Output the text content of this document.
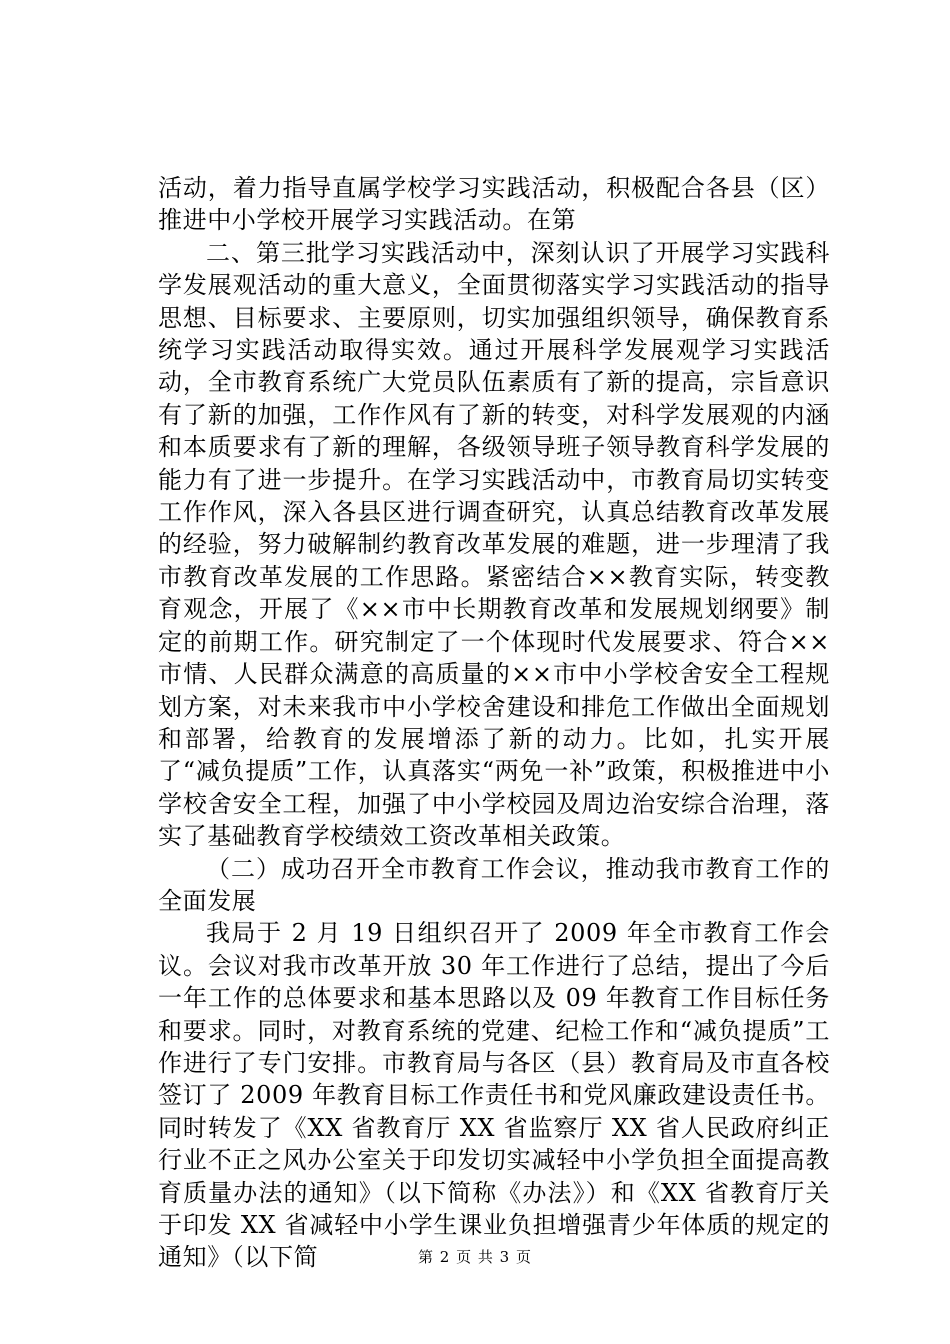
活动，着力指导直属学校学习实践活动，积极配合各县（区）推进中小学校开展学习实践活动。在第

二、第三批学习实践活动中，深刻认识了开展学习实践科学发展观活动的重大意义，全面贯彻落实学习实践活动的指导思想、目标要求、主要原则，切实加强组织领导，确保教育系统学习实践活动取得实效。通过开展科学发展观学习实践活动，全市教育系统广大党员队伍素质有了新的提高，宗旨意识有了新的加强，工作作风有了新的转变，对科学发展观的内涵和本质要求有了新的理解，各级领导班子领导教育科学发展的能力有了进一步提升。在学习实践活动中，市教育局切实转变工作作风，深入各县区进行调查研究，认真总结教育改革发展的经验，努力破解制约教育改革发展的难题，进一步理清了我市教育改革发展的工作思路。紧密结合××教育实际，转变教育观念，开展了《××市中长期教育改革和发展规划纲要》制定的前期工作。研究制定了一个体现时代发展要求、符合××市情、人民群众满意的高质量的××市中小学校舍安全工程规划方案，对未来我市中小学校舍建设和排危工作做出全面规划和部署，给教育的发展增添了新的动力。比如，扎实开展了“减负提质”工作，认真落实“两免一补”政策，积极推进中小学校舍安全工程，加强了中小学校园及周边治安综合治理，落实了基础教育学校绩效工资改革相关政策。

（二）成功召开全市教育工作会议，推动我市教育工作的全面发展

我局于 2 月 19 日组织召开了 2009 年全市教育工作会议。会议对我市改革开放 30 年工作进行了总结，提出了今后一年工作的总体要求和基本思路以及 09 年教育工作目标任务和要求。同时，对教育系统的党建、纪检工作和“减负提质”工作进行了专门安排。市教育局与各区（县）教育局及市直各校签订了 2009 年教育目标工作责任书和党风廉政建设责任书。同时转发了《XX 省教育厅 XX 省监察厅 XX 省人民政府纠正行业不正之风办公室关于印发切实减轻中小学负担全面提高教育质量办法的通知》（以下简称《办法》）和《XX 省教育厅关于印发 XX 省减轻中小学生课业负担增强青少年体质的规定的通知》（以下简	第 2 页 共 3 页
